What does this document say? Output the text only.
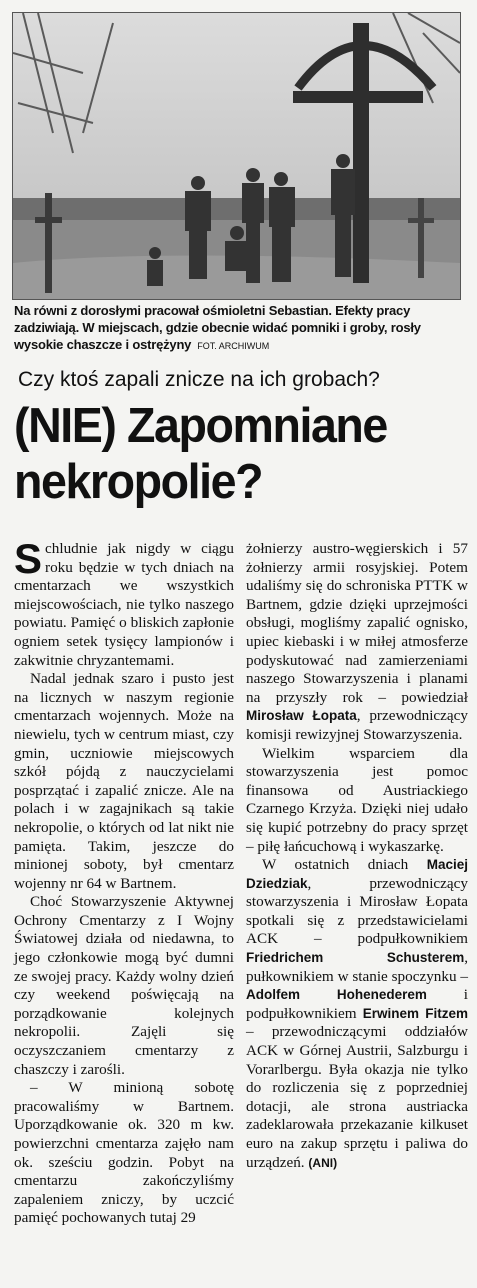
Na równi z dorosłymi pracował ośmioletni Sebastian. Efekty pracy zadziwiają. W miejscach, gdzie obecnie widać pomniki i groby, rosły wysokie chaszcze i ostrężyny FOT. ARCHIWUM
Czy ktoś zapali znicze na ich grobach?
(NIE) Zapomniane nekropolie?

Schludnie jak nigdy w ciągu roku będzie w tych dniach na cmentarzach we wszystkich miejscowościach, nie tylko naszego powiatu. Pamięć o bliskich zapłonie ogniem setek tysięcy lampionów i zakwitnie chryzantemami.

Nadal jednak szaro i pusto jest na licznych w naszym regionie cmentarzach wojennych. Może na niewielu, tych w centrum miast, czy gmin, uczniowie miejscowych szkół pójdą z nauczycielami posprzątać i zapalić znicze. Ale na polach i w zagajnikach są takie nekropolie, o których od lat nikt nie pamięta. Takim, jeszcze do minionej soboty, był cmentarz wojenny nr 64 w Bartnem.

Choć Stowarzyszenie Aktywnej Ochrony Cmentarzy z I Wojny Światowej działa od niedawna, to jego członkowie mogą być dumni ze swojej pracy. Każdy wolny dzień czy weekend poświęcają na porządkowanie kolejnych nekropolii. Zajęli się oczyszczaniem cmentarzy z chaszczy i zarośli.

– W minioną sobotę pracowaliśmy w Bartnem. Uporządkowanie ok. 320 m kw. powierzchni cmentarza zajęło nam ok. sześciu godzin. Pobyt na cmentarzu zakończyliśmy zapaleniem zniczy, by uczcić pamięć pochowanych tutaj 29

żołnierzy austro-węgierskich i 57 żołnierzy armii rosyjskiej. Potem udaliśmy się do schroniska PTTK w Bartnem, gdzie dzięki uprzejmości obsługi, mogliśmy zapalić ognisko, upiec kiebaski i w miłej atmosferze podyskutować nad zamierzeniami naszego Stowarzyszenia i planami na przyszły rok – powiedział Mirosław Łopata, przewodniczący komisji rewizyjnej Stowarzyszenia.

Wielkim wsparciem dla stowarzyszenia jest pomoc finansowa od Austriackiego Czarnego Krzyża. Dzięki niej udało się kupić potrzebny do pracy sprzęt – piłę łańcuchową i wykaszarkę.

W ostatnich dniach Maciej Dziedziak, przewodniczący stowarzyszenia i Mirosław Łopata spotkali się z przedstawicielami ACK – podpułkownikiem Friedrichem Schusterem, pułkownikiem w stanie spoczynku – Adolfem Hohenederem i podpułkownikiem Erwinem Fitzem – przewodniczącymi oddziałów ACK w Górnej Austrii, Salzburgu i Vorarlbergu. Była okazja nie tylko do rozliczenia się z poprzedniej dotacji, ale strona austriacka zadeklarowała przekazanie kilkuset euro na zakup sprzętu i paliwa do urządzeń. (ANI)
